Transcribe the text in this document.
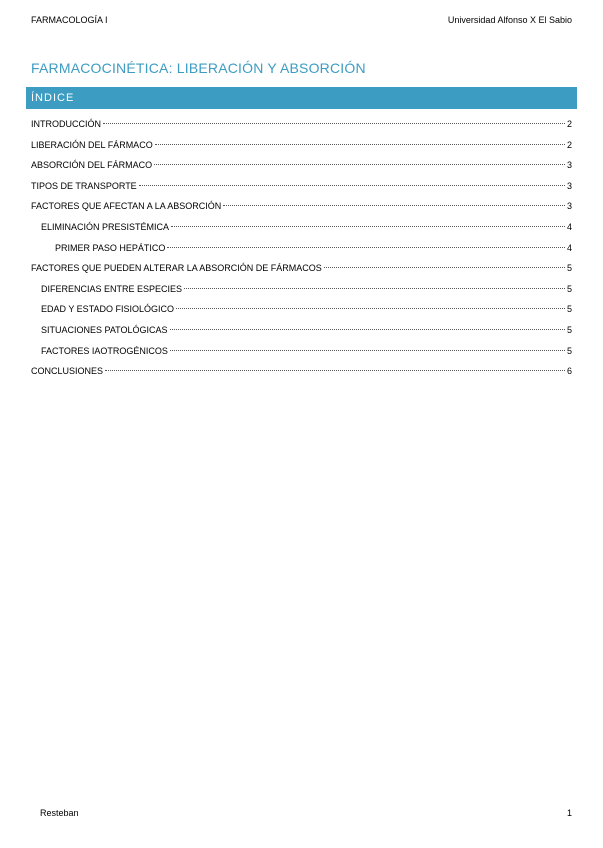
FARMACOLOGÍA I	Universidad Alfonso X El Sabio
FARMACOCINÉTICA: LIBERACIÓN Y ABSORCIÓN
ÍNDICE
INTRODUCCIÓN	2
LIBERACIÓN DEL FÁRMACO	2
ABSORCIÓN DEL FÁRMACO	3
TIPOS DE TRANSPORTE	3
FACTORES QUE AFECTAN A LA ABSORCIÓN	3
ELIMINACIÓN PRESISTÉMICA	4
PRIMER PASO HEPÁTICO	4
FACTORES QUE PUEDEN ALTERAR LA ABSORCIÓN DE FÁRMACOS	5
DIFERENCIAS ENTRE ESPECIES	5
EDAD Y ESTADO FISIOLÓGICO	5
SITUACIONES PATOLÓGICAS	5
FACTORES IAOTROGÉNICOS	5
CONCLUSIONES	6
Resteban	1
